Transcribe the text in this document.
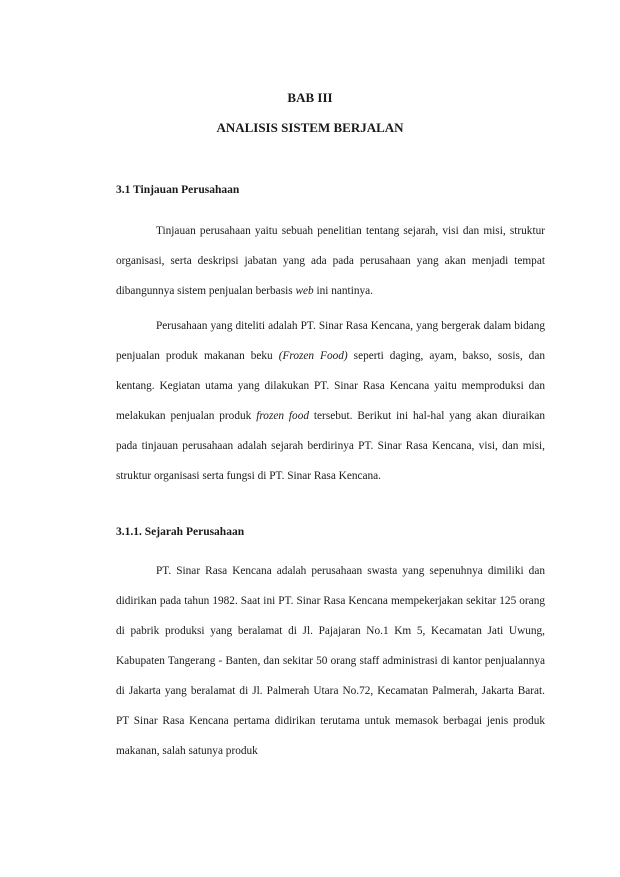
BAB III
ANALISIS SISTEM BERJALAN
3.1 Tinjauan Perusahaan

Tinjauan perusahaan yaitu sebuah penelitian tentang sejarah, visi dan misi, struktur organisasi, serta deskripsi jabatan yang ada pada perusahaan yang akan menjadi tempat dibangunnya sistem penjualan berbasis web ini nantinya.

Perusahaan yang diteliti adalah PT. Sinar Rasa Kencana, yang bergerak dalam bidang penjualan produk makanan beku (Frozen Food) seperti daging, ayam, bakso, sosis, dan kentang. Kegiatan utama yang dilakukan PT. Sinar Rasa Kencana yaitu memproduksi dan melakukan penjualan produk frozen food tersebut. Berikut ini hal-hal yang akan diuraikan pada tinjauan perusahaan adalah sejarah berdirinya PT. Sinar Rasa Kencana, visi, dan misi, struktur organisasi serta fungsi di PT. Sinar Rasa Kencana.

3.1.1. Sejarah Perusahaan

PT. Sinar Rasa Kencana adalah perusahaan swasta yang sepenuhnya dimiliki dan didirikan pada tahun 1982. Saat ini PT. Sinar Rasa Kencana mempekerjakan sekitar 125 orang di pabrik produksi yang beralamat di Jl. Pajajaran No.1 Km 5, Kecamatan Jati Uwung, Kabupaten Tangerang - Banten, dan sekitar 50 orang staff administrasi di kantor penjualannya di Jakarta yang beralamat di Jl. Palmerah Utara No.72, Kecamatan Palmerah, Jakarta Barat. PT Sinar Rasa Kencana pertama didirikan terutama untuk memasok berbagai jenis produk makanan, salah satunya produk
